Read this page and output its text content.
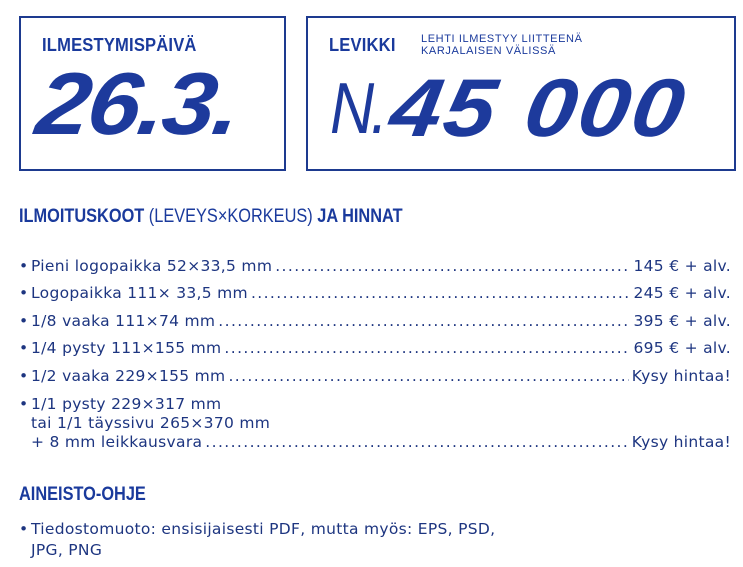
ILMESTYMISPÄIVÄ
26.3.
LEVIKKI LEHTI ILMESTYY LIITTEENÄ
KARJALAISEN VÄLISSÄ
N. 45 000
ILMOITUSKOOT (LEVEYS×KORKEUS) JA HINNAT
• Pieni logopaikka 52×33,5 mm .....	145 € + alv.
• Logopaikka 111× 33,5 mm .....	245 € + alv.
• 1/8 vaaka 111×74 mm .....	395 € + alv.
• 1/4 pysty 111×155 mm .....	695 € + alv.
• 1/2 vaaka 229×155 mm .....	Kysy hintaa!
• 1/1 pysty 229×317 mm
tai 1/1 täyssivu 265×370 mm
+ 8 mm leikkausvara .....	Kysy hintaa!
AINEISTO-OHJE
• Tiedostomuoto: ensisijaisesti PDF, mutta myös: EPS, PSD,
JPG, PNG
